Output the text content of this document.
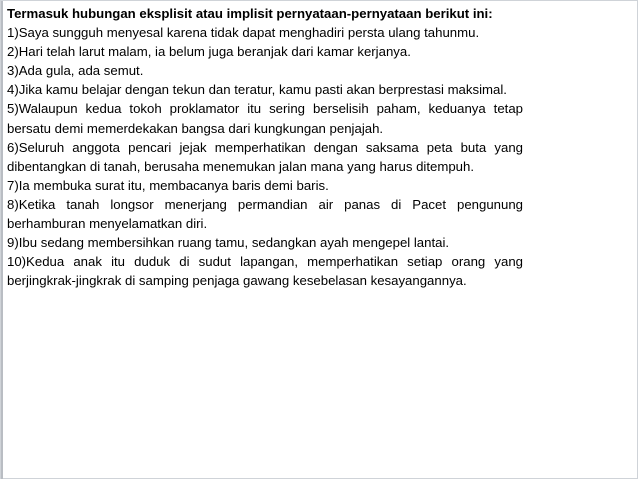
Termasuk hubungan eksplisit atau implisit pernyataan-pernyataan berikut ini:

1)Saya sungguh menyesal karena tidak dapat menghadiri persta ulang tahunmu.

2)Hari telah larut malam, ia belum juga beranjak dari kamar kerjanya.

3)Ada gula, ada semut.

4)Jika kamu belajar dengan tekun dan teratur, kamu pasti akan berprestasi maksimal.

5)Walaupun kedua tokoh proklamator itu sering berselisih paham, keduanya tetap bersatu demi memerdekakan bangsa dari kungkungan penjajah.

6)Seluruh anggota pencari jejak memperhatikan dengan saksama peta buta yang dibentangkan di tanah, berusaha menemukan jalan mana yang harus ditempuh.

7)Ia membuka surat itu, membacanya baris demi baris.

8)Ketika tanah longsor menerjang permandian air panas di Pacet pengunung berhamburan menyelamatkan diri.

9)Ibu sedang membersihkan ruang tamu, sedangkan ayah mengepel lantai.

10)Kedua anak itu duduk di sudut lapangan, memperhatikan setiap orang yang berjingkrak-jingkrak di samping penjaga gawang kesebelasan kesayangannya.
